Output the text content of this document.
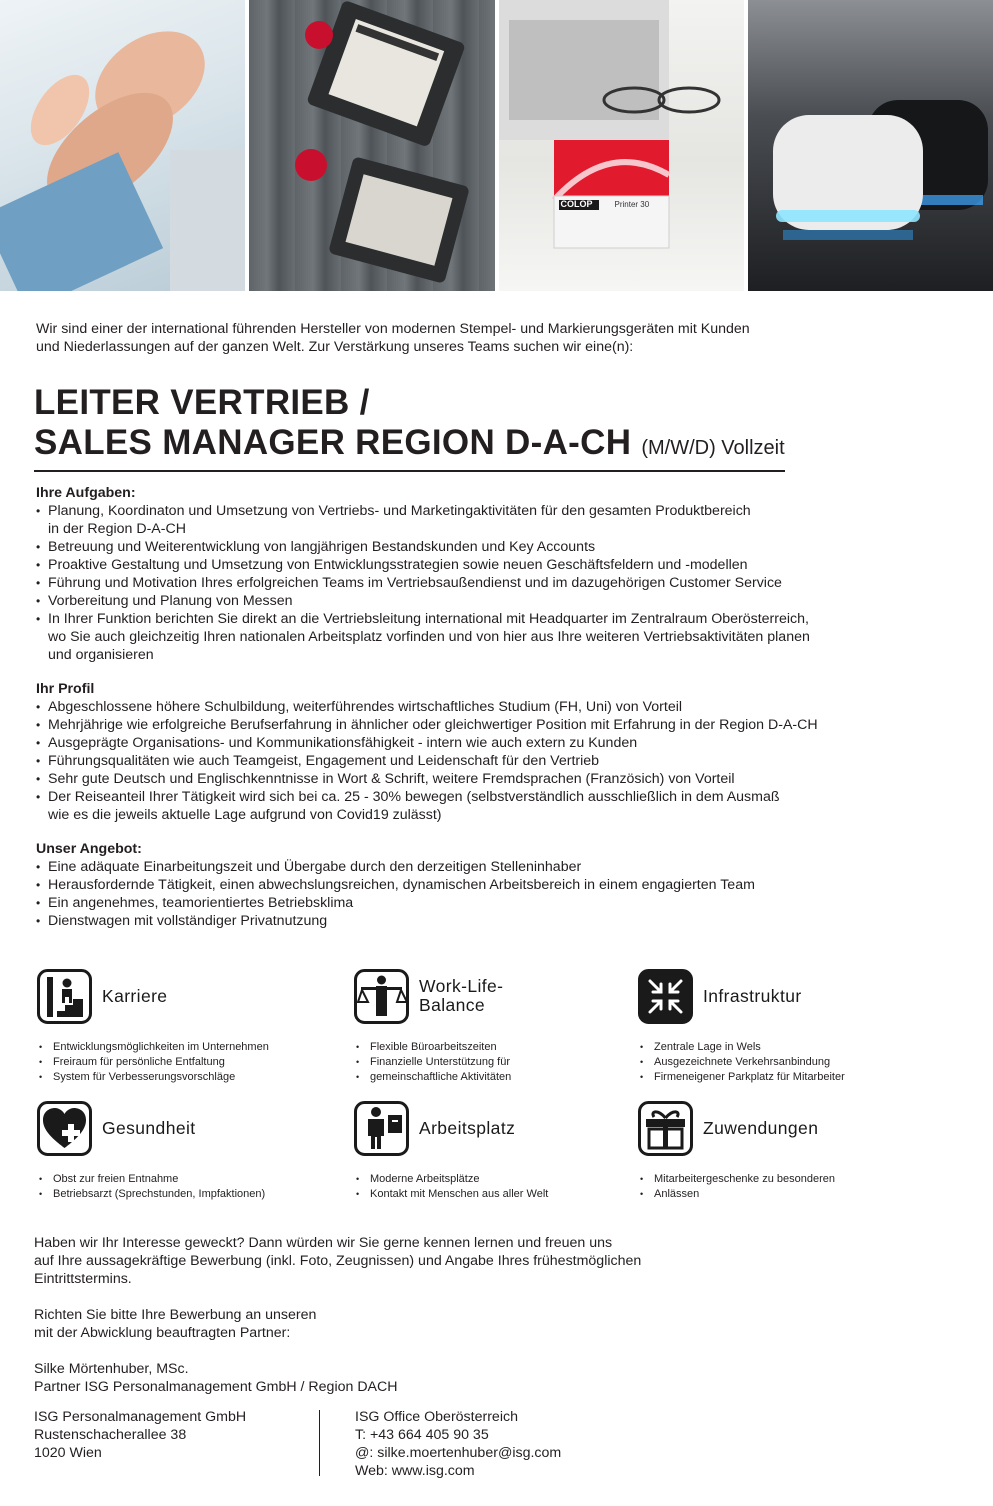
COLOP	Printer 30
Wir sind einer der international führenden Hersteller von modernen Stempel- und Markierungsgeräten mit Kunden
und Niederlassungen auf der ganzen Welt. Zur Verstärkung unseres Teams suchen wir eine(n):
LEITER VERTRIEB /
SALES MANAGER REGION D-A-CH (M/W/D) Vollzeit
Ihre Aufgaben:
• Planung, Koordinaton und Umsetzung von Vertriebs- und Marketingaktivitäten für den gesamten Produktbereich
in der Region D-A-CH
• Betreuung und Weiterentwicklung von langjährigen Bestandskunden und Key Accounts
• Proaktive Gestaltung und Umsetzung von Entwicklungsstrategien sowie neuen Geschäftsfeldern und -modellen
• Führung und Motivation Ihres erfolgreichen Teams im Vertriebsaußendienst und im dazugehörigen Customer Service
• Vorbereitung und Planung von Messen
• In Ihrer Funktion berichten Sie direkt an die Vertriebsleitung international mit Headquarter im Zentralraum Oberösterreich,
wo Sie auch gleichzeitig Ihren nationalen Arbeitsplatz vorfinden und von hier aus Ihre weiteren Vertriebsaktivitäten planen
und organisieren
Ihr Profil
• Abgeschlossene höhere Schulbildung, weiterführendes wirtschaftliches Studium (FH, Uni) von Vorteil
• Mehrjährige wie erfolgreiche Berufserfahrung in ähnlicher oder gleichwertiger Position mit Erfahrung in der Region D-A-CH
• Ausgeprägte Organisations- und Kommunikationsfähigkeit - intern wie auch extern zu Kunden
• Führungsqualitäten wie auch Teamgeist, Engagement und Leidenschaft für den Vertrieb
• Sehr gute Deutsch und Englischkenntnisse in Wort & Schrift, weitere Fremdsprachen (Französich) von Vorteil
• Der Reiseanteil Ihrer Tätigkeit wird sich bei ca. 25 - 30% bewegen (selbstverständlich ausschließlich in dem Ausmaß
wie es die jeweils aktuelle Lage aufgrund von Covid19 zulässt)
Unser Angebot:
• Eine adäquate Einarbeitungszeit und Übergabe durch den derzeitigen Stelleninhaber
• Herausfordernde Tätigkeit, einen abwechslungsreichen, dynamischen Arbeitsbereich in einem engagierten Team
• Ein angenehmes, teamorientiertes Betriebsklima
• Dienstwagen mit vollständiger Privatnutzung
Karriere
• Entwicklungsmöglichkeiten im Unternehmen
• Freiraum für persönliche Entfaltung
• System für Verbesserungsvorschläge
Work-Life-
Balance
• Flexible Büroarbeitszeiten
• Finanzielle Unterstützung für
• gemeinschaftliche Aktivitäten
Infrastruktur
• Zentrale Lage in Wels
• Ausgezeichnete Verkehrsanbindung
• Firmeneigener Parkplatz für Mitarbeiter
Gesundheit
• Obst zur freien Entnahme
• Betriebsarzt (Sprechstunden, Impfaktionen)
Arbeitsplatz
• Moderne Arbeitsplätze
• Kontakt mit Menschen aus aller Welt
Zuwendungen
• Mitarbeitergeschenke zu besonderen
• Anlässen
Haben wir Ihr Interesse geweckt? Dann würden wir Sie gerne kennen lernen und freuen uns
auf Ihre aussagekräftige Bewerbung (inkl. Foto, Zeugnissen) und Angabe Ihres frühestmöglichen
Eintrittstermins.
Richten Sie bitte Ihre Bewerbung an unseren
mit der Abwicklung beauftragten Partner:
Silke Mörtenhuber, MSc.
Partner ISG Personalmanagement GmbH / Region DACH
ISG Personalmanagement GmbH
Rustenschacherallee 38
1020 Wien
ISG Office Oberösterreich
T: +43 664 405 90 35
@: silke.moertenhuber@isg.com
Web: www.isg.com
